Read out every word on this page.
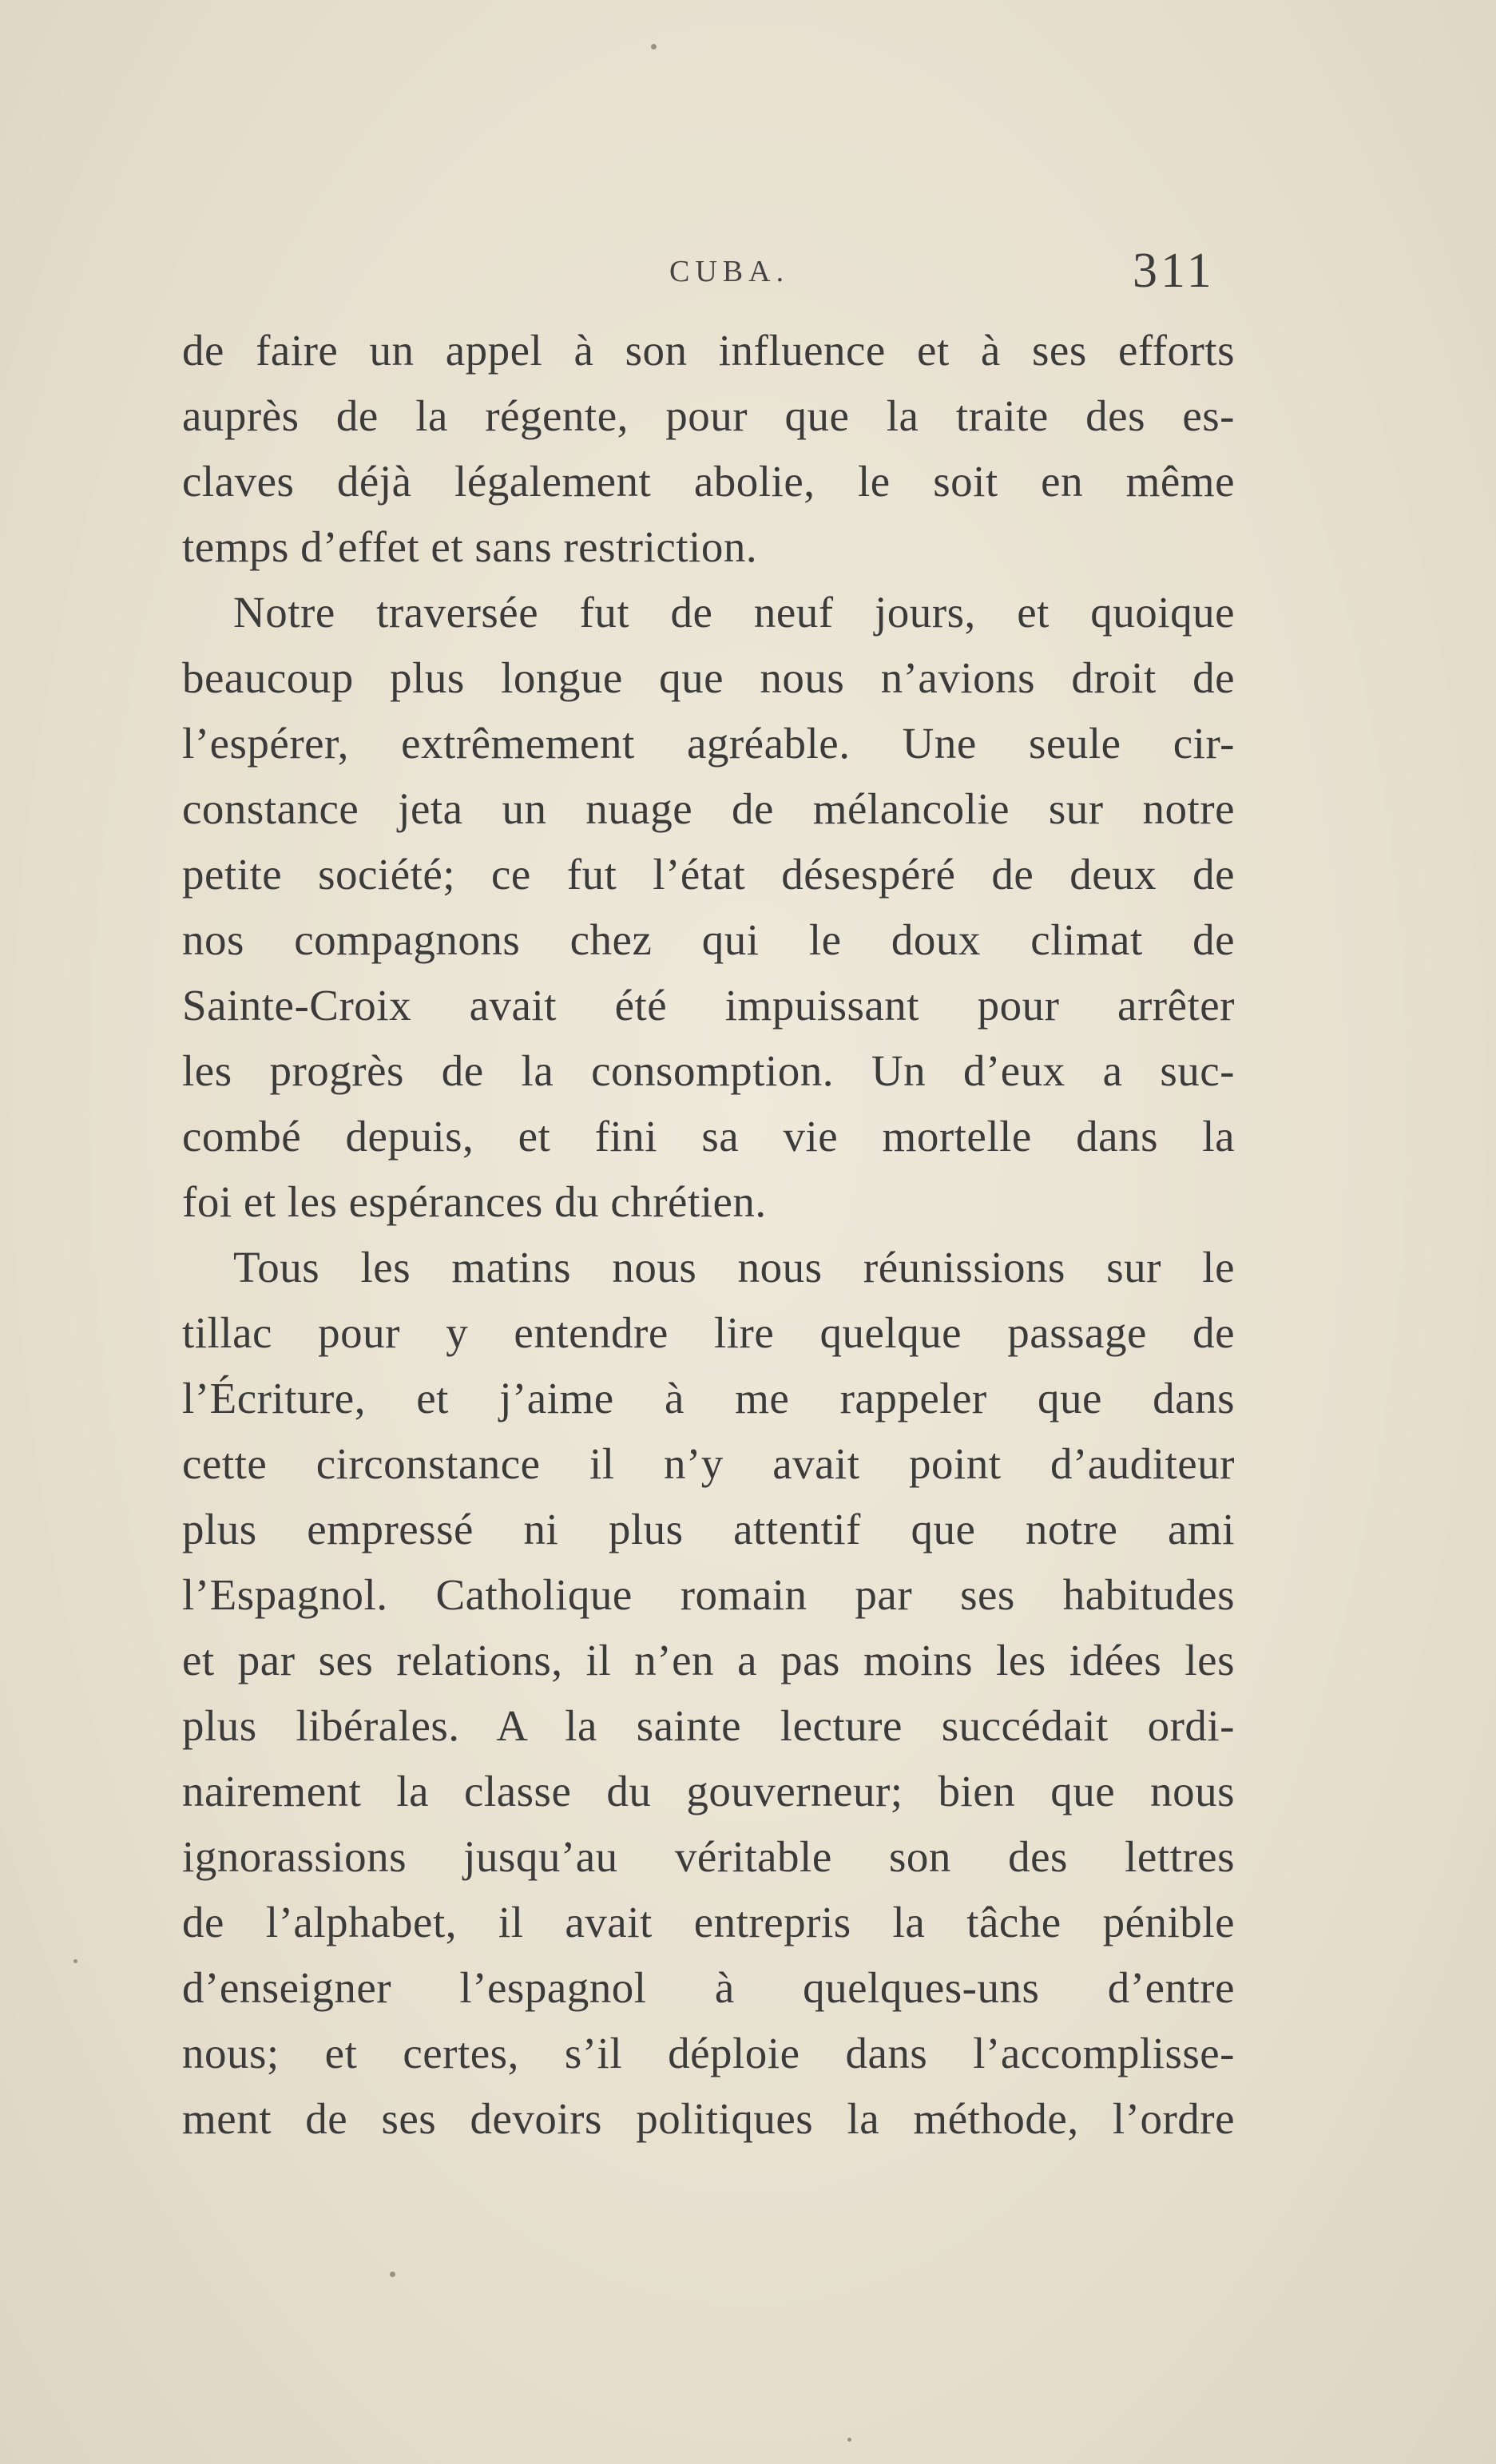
CUBA.	311
de faire un appel à son influence et à ses efforts
auprès de la régente, pour que la traite des es-
claves déjà légalement abolie, le soit en même
temps d’effet et sans restriction.
Notre traversée fut de neuf jours, et quoique
beaucoup plus longue que nous n’avions droit de
l’espérer, extrêmement agréable. Une seule cir-
constance jeta un nuage de mélancolie sur notre
petite société; ce fut l’état désespéré de deux de
nos compagnons chez qui le doux climat de
Sainte-Croix avait été impuissant pour arrêter
les progrès de la consomption. Un d’eux a suc-
combé depuis, et fini sa vie mortelle dans la
foi et les espérances du chrétien.
Tous les matins nous nous réunissions sur le
tillac pour y entendre lire quelque passage de
l’Écriture, et j’aime à me rappeler que dans
cette circonstance il n’y avait point d’auditeur
plus empressé ni plus attentif que notre ami
l’Espagnol. Catholique romain par ses habitudes
et par ses relations, il n’en a pas moins les idées les
plus libérales. A la sainte lecture succédait ordi-
nairement la classe du gouverneur; bien que nous
ignorassions jusqu’au véritable son des lettres
de l’alphabet, il avait entrepris la tâche pénible
d’enseigner l’espagnol à quelques-uns d’entre
nous; et certes, s’il déploie dans l’accomplisse-
ment de ses devoirs politiques la méthode, l’ordre
